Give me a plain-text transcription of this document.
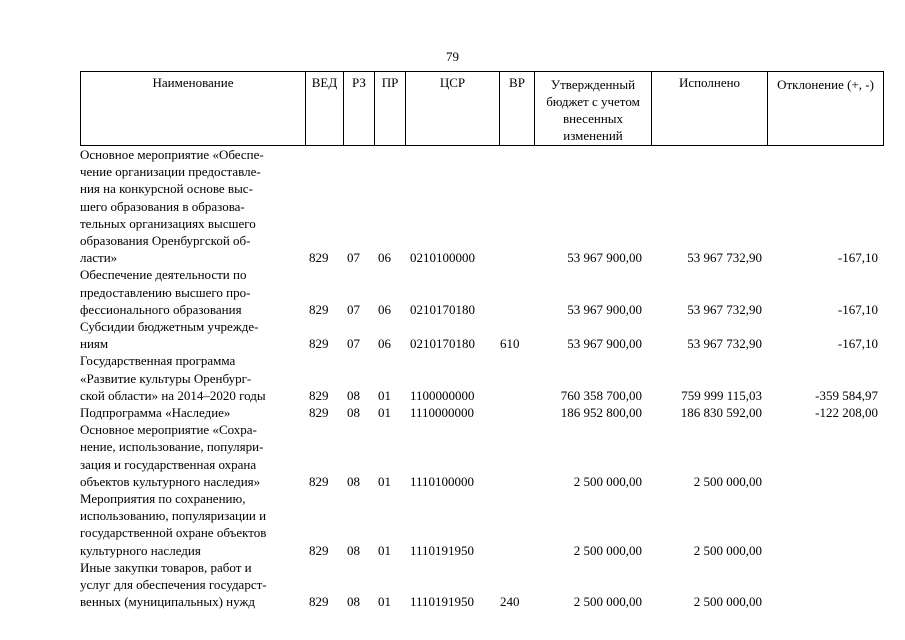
79
Наименование	ВЕД	РЗ	ПР	ЦСР	ВР	Утвержденный бюджет с учетом внесенных изменений	Исполнено	Отклонение (+, -)
Основное мероприятие «Обеспе-
чение организации предоставле-
ния на конкурсной основе выс-
шего образования в образова-
тельных организациях высшего
образования Оренбургской об-
ласти»	829 07 06 0210100000	53 967 900,00	53 967 732,90	-167,10
Обеспечение деятельности по
предоставлению высшего про-
фессионального образования	829 07 06 0210170180	53 967 900,00	53 967 732,90	-167,10
Субсидии бюджетным учрежде-
ниям	829 07 06 0210170180 610	53 967 900,00	53 967 732,90	-167,10
Государственная программа
«Развитие культуры Оренбург-
ской области» на 2014–2020 годы	829 08 01 1100000000	760 358 700,00	759 999 115,03	-359 584,97
Подпрограмма «Наследие»	829 08 01 1110000000	186 952 800,00	186 830 592,00	-122 208,00
Основное мероприятие «Сохра-
нение, использование, популяри-
зация и государственная охрана
объектов культурного наследия»	829 08 01 1110100000	2 500 000,00	2 500 000,00
Мероприятия по сохранению,
использованию, популяризации и
государственной охране объектов
культурного наследия	829 08 01 1110191950	2 500 000,00	2 500 000,00
Иные закупки товаров, работ и
услуг для обеспечения государст-
венных (муниципальных) нужд	829 08 01 1110191950 240	2 500 000,00	2 500 000,00
